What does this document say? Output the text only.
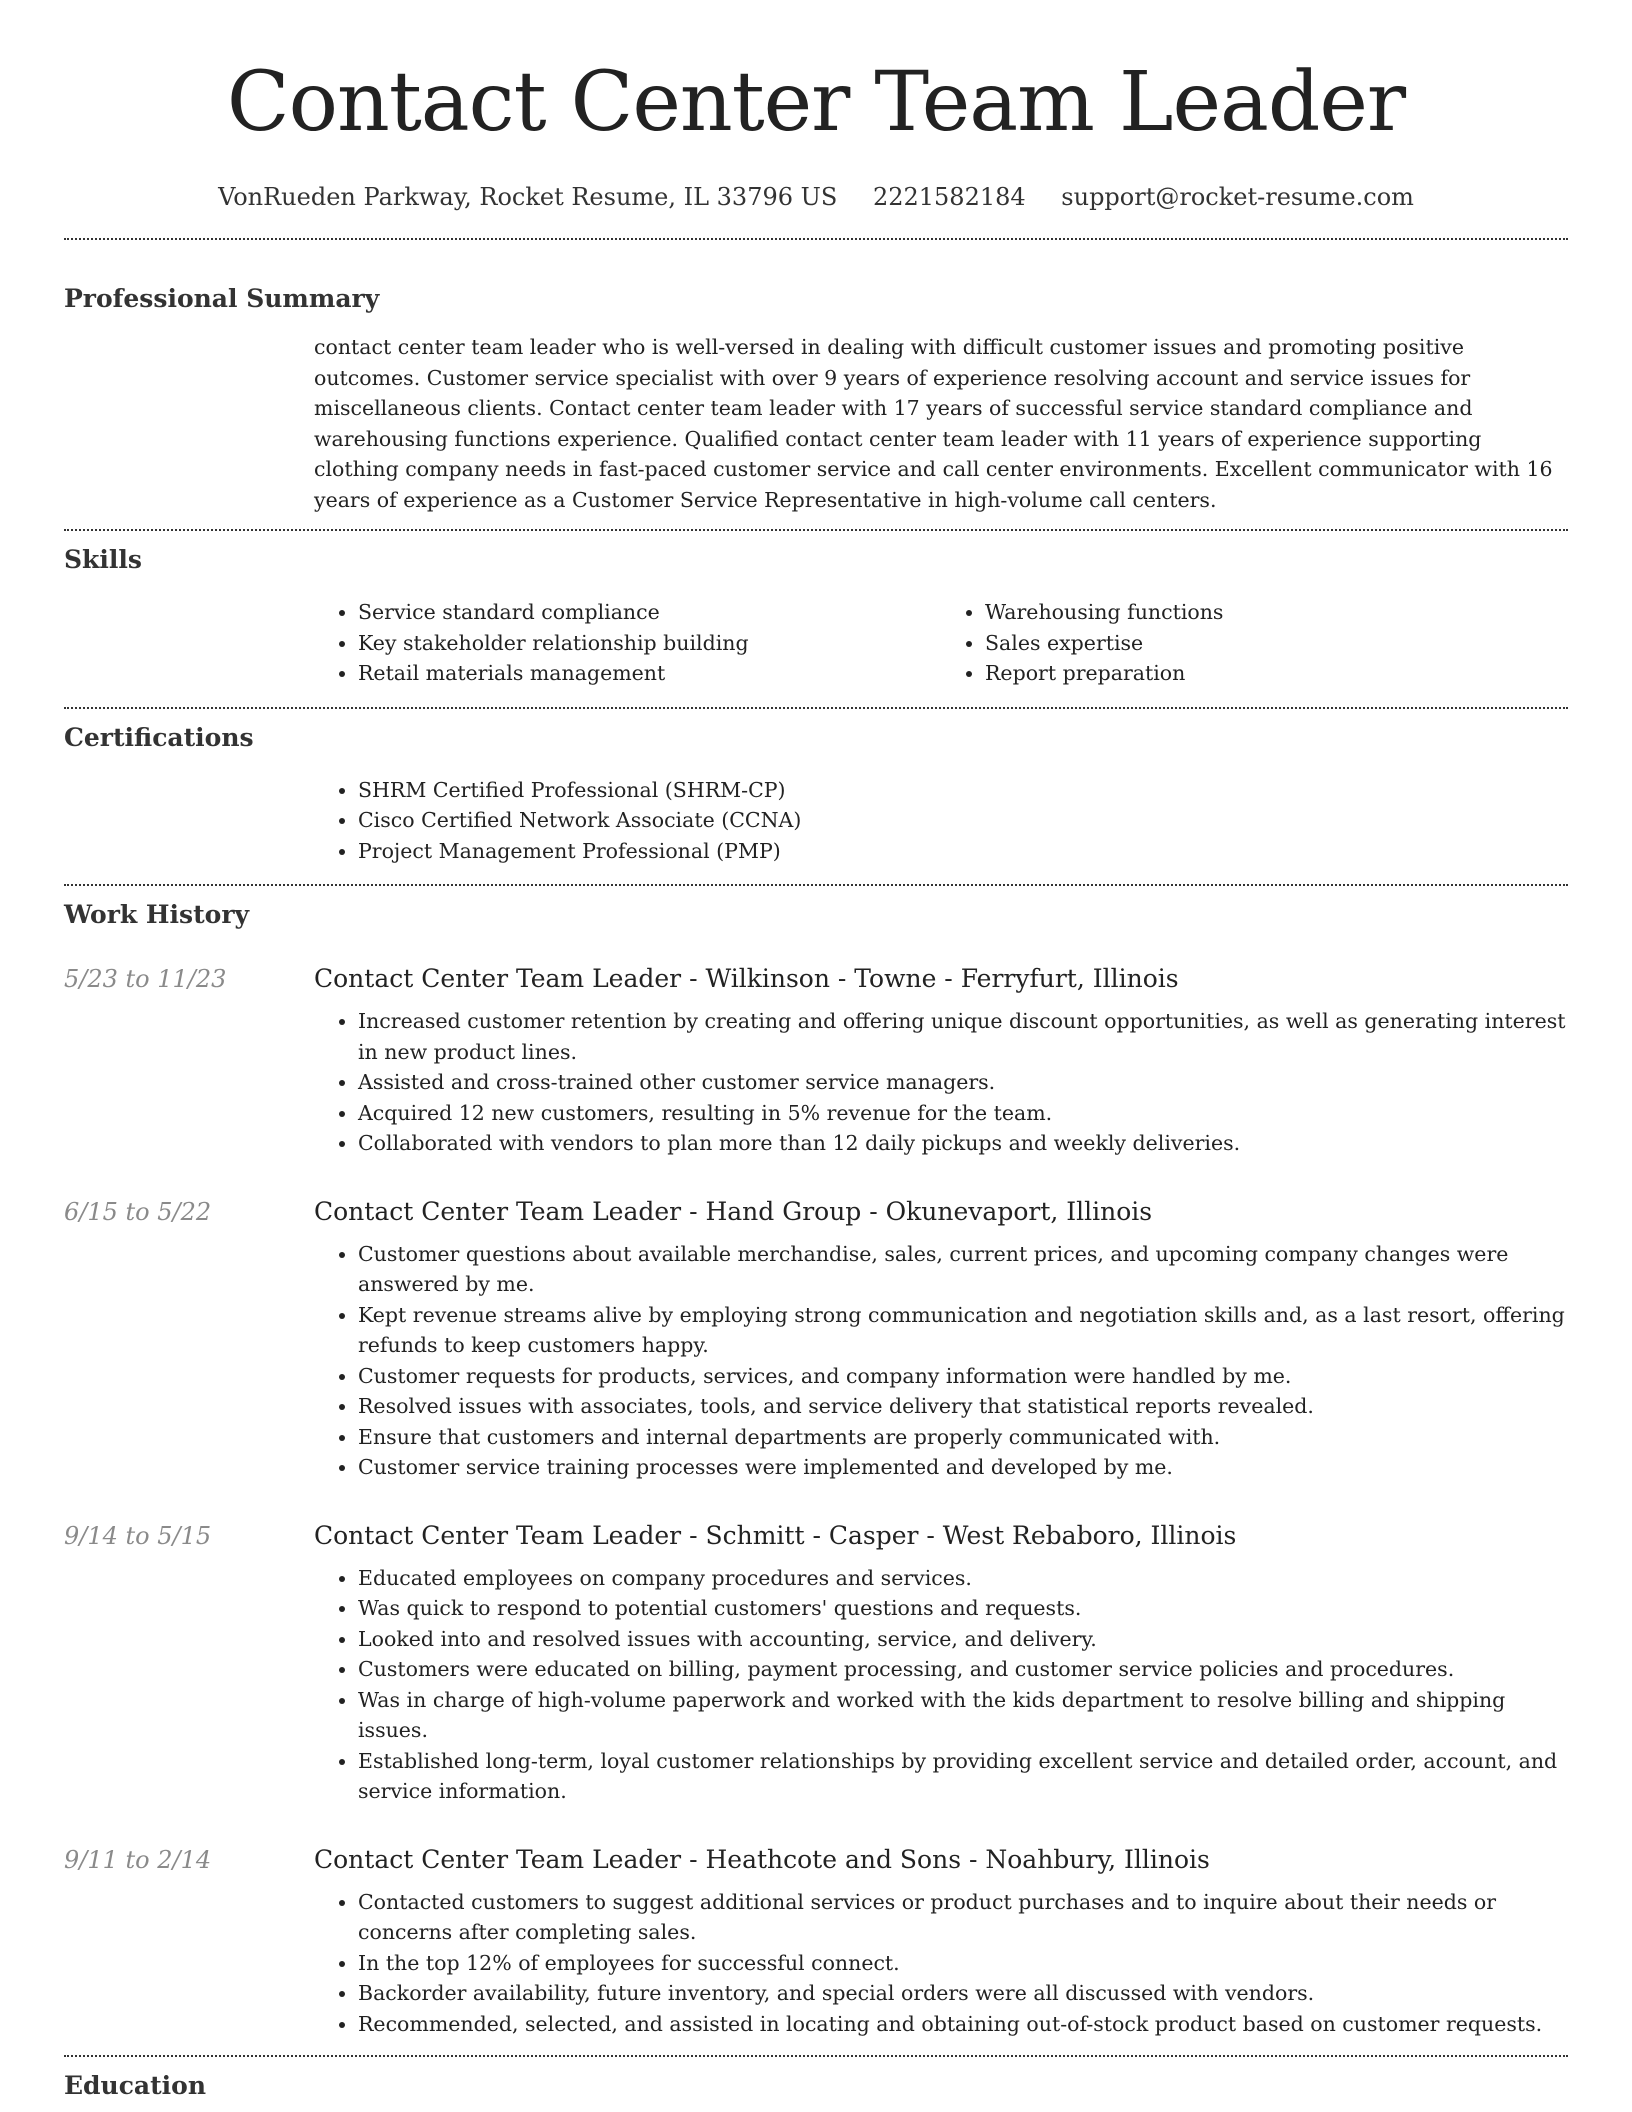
Contact Center Team Leader
VonRueden Parkway, Rocket Resume, IL 33796 US 2221582184 support@rocket-resume.com
Professional Summary
contact center team leader who is well-versed in dealing with difficult customer issues and promoting positive outcomes. Customer service specialist with over 9 years of experience resolving account and service issues for miscellaneous clients. Contact center team leader with 17 years of successful service standard compliance and warehousing functions experience. Qualified contact center team leader with 11 years of experience supporting clothing company needs in fast-paced customer service and call center environments. Excellent communicator with 16 years of experience as a Customer Service Representative in high-volume call centers.
Skills
• Service standard compliance
• Key stakeholder relationship building
• Retail materials management
• Warehousing functions
• Sales expertise
• Report preparation
Certifications
• SHRM Certified Professional (SHRM-CP)
• Cisco Certified Network Associate (CCNA)
• Project Management Professional (PMP)
Work History
5/23 to 11/23	Contact Center Team Leader - Wilkinson - Towne - Ferryfurt, Illinois
• Increased customer retention by creating and offering unique discount opportunities, as well as generating interest in new product lines.
• Assisted and cross-trained other customer service managers.
• Acquired 12 new customers, resulting in 5% revenue for the team.
• Collaborated with vendors to plan more than 12 daily pickups and weekly deliveries.
6/15 to 5/22	Contact Center Team Leader - Hand Group - Okunevaport, Illinois
• Customer questions about available merchandise, sales, current prices, and upcoming company changes were answered by me.
• Kept revenue streams alive by employing strong communication and negotiation skills and, as a last resort, offering refunds to keep customers happy.
• Customer requests for products, services, and company information were handled by me.
• Resolved issues with associates, tools, and service delivery that statistical reports revealed.
• Ensure that customers and internal departments are properly communicated with.
• Customer service training processes were implemented and developed by me.
9/14 to 5/15	Contact Center Team Leader - Schmitt - Casper - West Rebaboro, Illinois
• Educated employees on company procedures and services.
• Was quick to respond to potential customers' questions and requests.
• Looked into and resolved issues with accounting, service, and delivery.
• Customers were educated on billing, payment processing, and customer service policies and procedures.
• Was in charge of high-volume paperwork and worked with the kids department to resolve billing and shipping issues.
• Established long-term, loyal customer relationships by providing excellent service and detailed order, account, and service information.
9/11 to 2/14	Contact Center Team Leader - Heathcote and Sons - Noahbury, Illinois
• Contacted customers to suggest additional services or product purchases and to inquire about their needs or concerns after completing sales.
• In the top 12% of employees for successful connect.
• Backorder availability, future inventory, and special orders were all discussed with vendors.
• Recommended, selected, and assisted in locating and obtaining out-of-stock product based on customer requests.
Education
